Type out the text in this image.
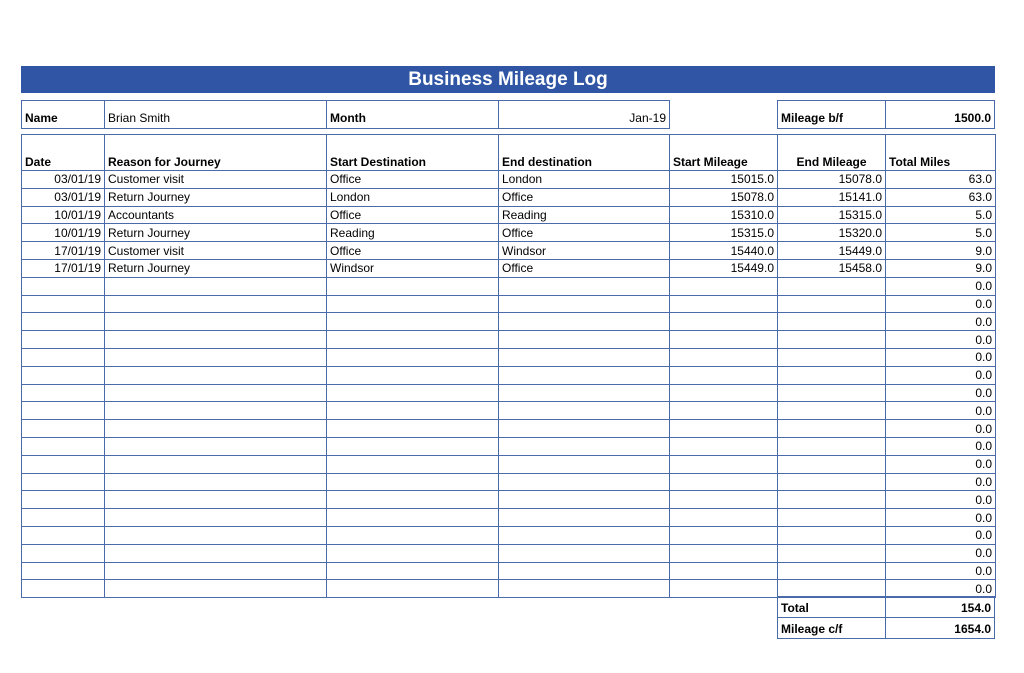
Business Mileage Log
Name	Brian Smith	Month	Jan-19	Mileage b/f	1500.0
Date	Reason for Journey	Start Destination	End destination	Start Mileage	End Mileage	Total Miles
03/01/19	Customer visit	Office	London	15015.0	15078.0	63.0
03/01/19	Return Journey	London	Office	15078.0	15141.0	63.0
10/01/19	Accountants	Office	Reading	15310.0	15315.0	5.0
10/01/19	Return Journey	Reading	Office	15315.0	15320.0	5.0
17/01/19	Customer visit	Office	Windsor	15440.0	15449.0	9.0
17/01/19	Return Journey	Windsor	Office	15449.0	15458.0	9.0
						0.0
						0.0
						0.0
						0.0
						0.0
						0.0
						0.0
						0.0
						0.0
						0.0
						0.0
						0.0
						0.0
						0.0
						0.0
						0.0
						0.0
						0.0
Total	154.0
Mileage c/f	1654.0
